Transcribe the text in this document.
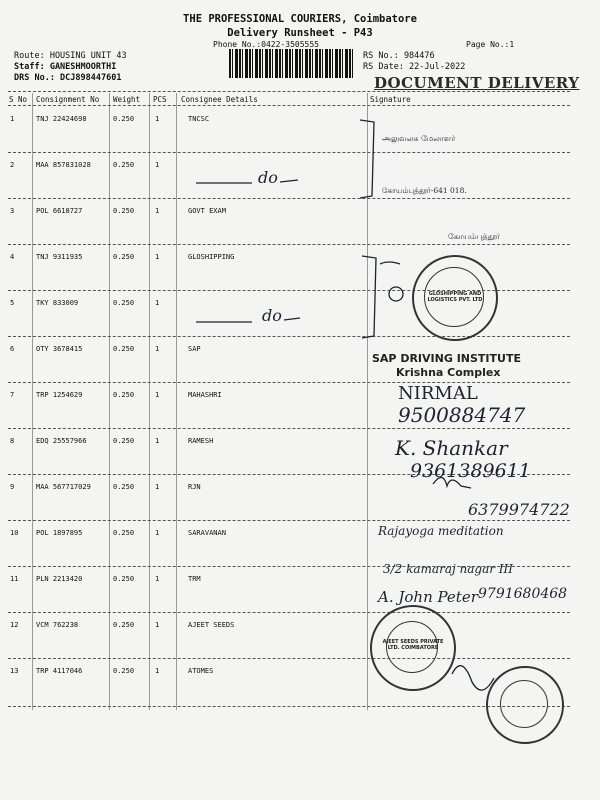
THE PROFESSIONAL COURIERS, Coimbatore
Delivery Runsheet - P43
Phone No.:0422-3505555	Page No.:1
Route: HOUSING UNIT 43
Staff: GANESHMOORTHI
DRS No.: DCJ898447601
RS No.: 984476
RS Date: 22-Jul-2022
DOCUMENT DELIVERY
S No Consignment No Weight PCS Consignee Details	Signature
1	TNJ 22424698	0.250	1	TNCSC
2	MAA 857831028	0.250	1
3	POL 6618727	0.250	1	GOVT EXAM
4	TNJ 9311935	0.250	1	GLOSHIPPING
5	TKY 833009	0.250	1
6	OTY 3678415	0.250	1	SAP
7	TRP 1254629	0.250	1	MAHASHRI
8	EDQ 25557966	0.250	1	RAMESH
9	MAA 567717029	0.250	1	RJN
10	POL 1897895	0.250	1	SARAVANAN
11	PLN 2213420	0.250	1	TRM
12	VCM 762238	0.250	1	AJEET SEEDS
13	TRP 4117046	0.250	1	ATOMES
do
do
அலுவலக மேலாளர்
கோயம்புத்தூர்-641 018.
கோயம்புத்தூர்
GLOSHIPPING AND LOGISTICS PVT. LTD
SAP DRIVING INSTITUTE
Krishna Complex
NIRMAL
9500884747
K. Shankar
9361389611
6379974722
Rajayoga meditation
3/2 kamaraj nagar III
A. John Peter 9791680468
AJEET SEEDS PRIVATE LTD. COIMBATORE
